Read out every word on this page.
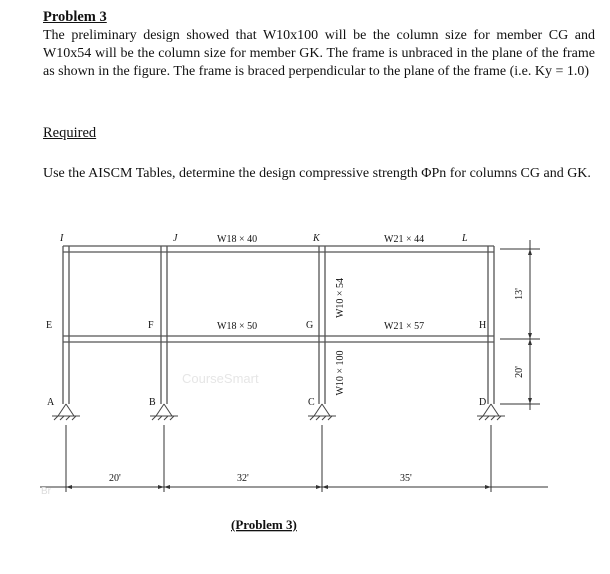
Problem 3
The preliminary design showed that W10x100 will be the column size for member CG and W10x54 will be the column size for member GK. The frame is unbraced in the plane of the frame as shown in the figure. The frame is braced perpendicular to the plane of the frame (i.e. Ky = 1.0)
Required
Use the AISCM Tables, determine the design compressive strength ΦPn for columns CG and GK.
I	J	K	L
E	F	G	H
A	B	C	D
W18 × 40	W21 × 44
W18 × 50	W21 × 57
W10 × 54
W10 × 100
20'	32'	35'
13'
20'
CourseSmart
Br
(Problem 3)
